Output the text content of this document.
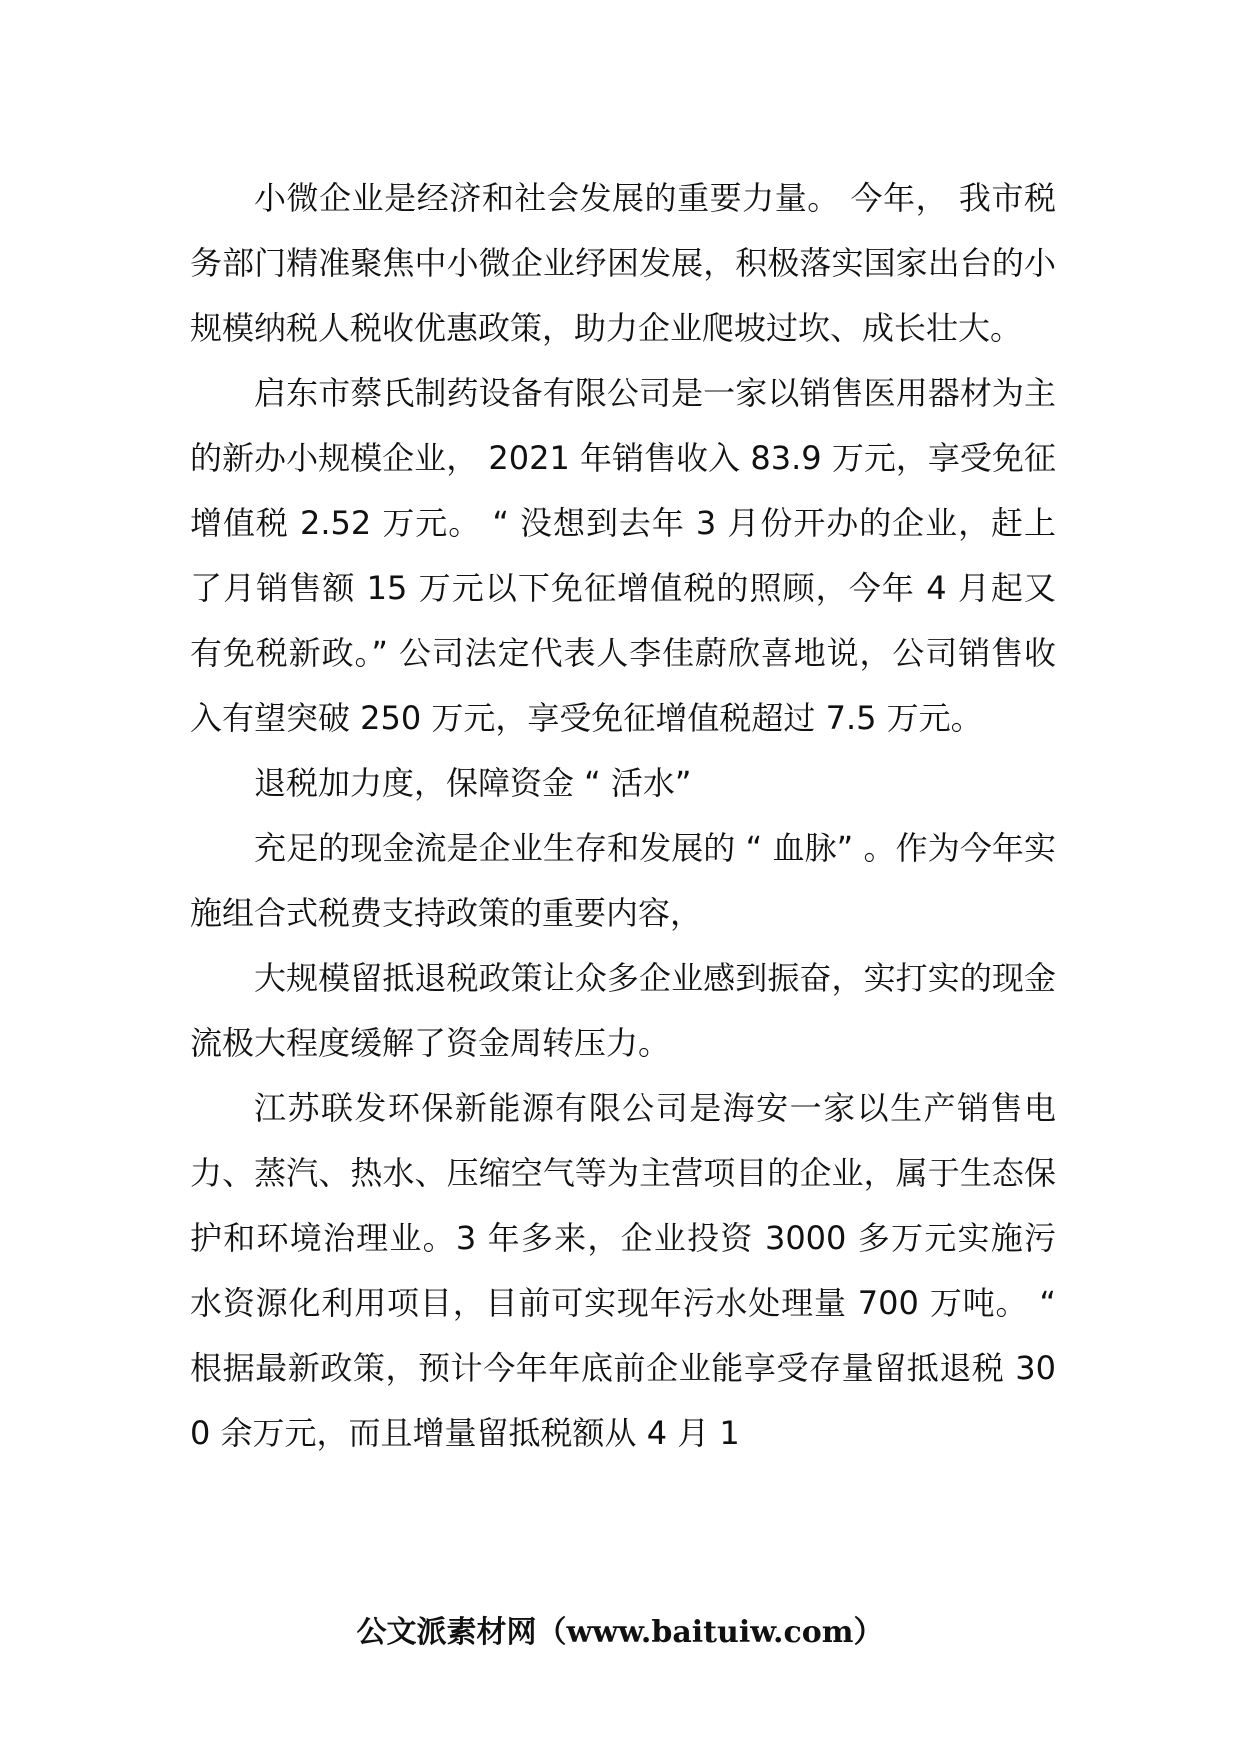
小微企业是经济和社会发展的重要力量。 今年， 我市税务部门精准聚焦中小微企业纾困发展，积极落实国家出台的小规模纳税人税收优惠政策，助力企业爬坡过坎、成长壮大。

启东市蔡氏制药设备有限公司是一家以销售医用器材为主的新办小规模企业， 2021 年销售收入 83.9 万元，享受免征增值税 2.52 万元。 “ 没想到去年 3 月份开办的企业，赶上了月销售额 15 万元以下免征增值税的照顾，今年 4 月起又有免税新政。” 公司法定代表人李佳蔚欣喜地说，公司销售收入有望突破 250 万元，享受免征增值税超过 7.5 万元。

退税加力度，保障资金 “ 活水”

充足的现金流是企业生存和发展的 “ 血脉” 。作为今年实施组合式税费支持政策的重要内容，

大规模留抵退税政策让众多企业感到振奋，实打实的现金流极大程度缓解了资金周转压力。

江苏联发环保新能源有限公司是海安一家以生产销售电力、蒸汽、热水、压缩空气等为主营项目的企业，属于生态保护和环境治理业。3 年多来，企业投资 3000 多万元实施污水资源化利用项目，目前可实现年污水处理量 700 万吨。 “ 根据最新政策，预计今年年底前企业能享受存量留抵退税 300 余万元，而且增量留抵税额从 4 月 1

公文派素材网（www.baituiw.com）
